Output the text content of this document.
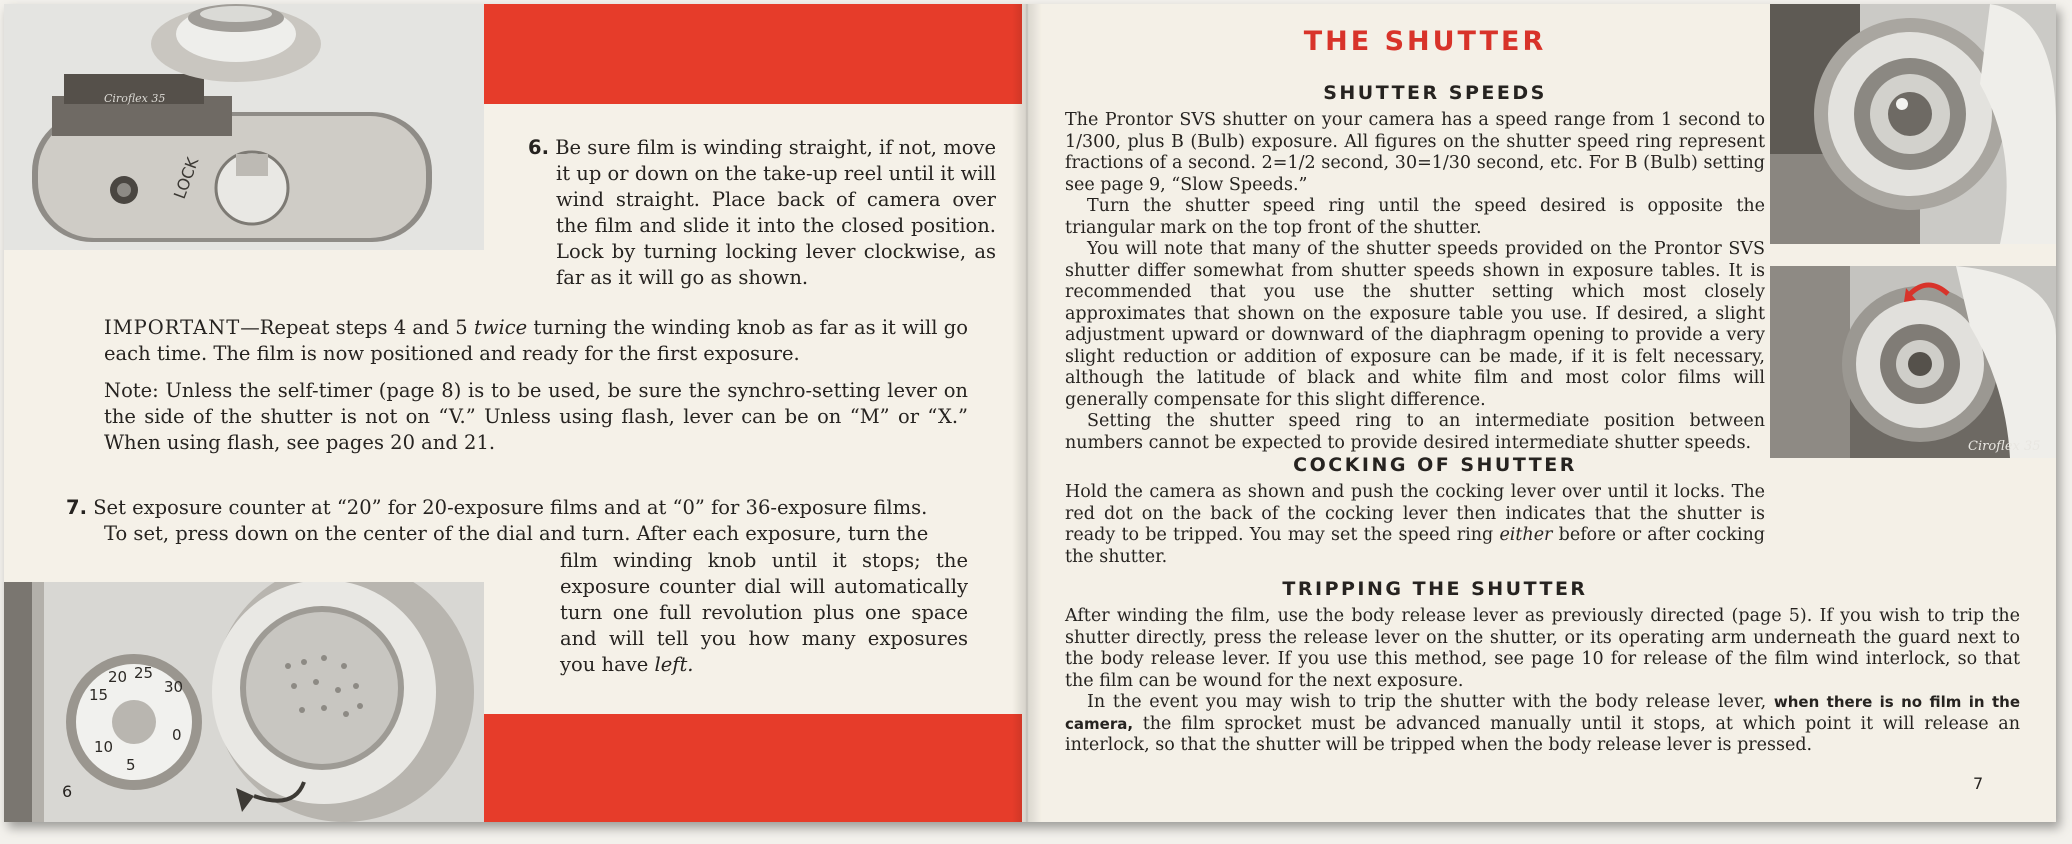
LOCK
Ciroflex 35
6. Be sure film is winding straight, if not, move it up or down on the take-up reel until it will wind straight. Place back of camera over the film and slide it into the closed position. Lock by turning locking lever clockwise, as far as it will go as shown.
IMPORTANT—Repeat steps 4 and 5 twice turning the winding knob as far as it will go each time. The film is now positioned and ready for the first exposure.
Note: Unless the self-timer (page 8) is to be used, be sure the synchro-setting lever on the side of the shutter is not on “V.” Unless using flash, lever can be on “M” or “X.” When using flash, see pages 20 and 21.
7. Set exposure counter at “20” for 20-exposure films and at “0” for 36-exposure films.
To set, press down on the center of the dial and turn. After each exposure, turn the
film winding knob until it stops; the exposure counter dial will automatically turn one full revolution plus one space and will tell you how many exposures you have left.
15
20 25
30
5
10
0
6
THE SHUTTER
SHUTTER SPEEDS

The Prontor SVS shutter on your camera has a speed range from 1 second to 1/300, plus B (Bulb) exposure. All figures on the shutter speed ring represent fractions of a second. 2=1/2 second, 30=1/30 second, etc. For B (Bulb) setting see page 9, “Slow Speeds.”

Turn the shutter speed ring until the speed desired is opposite the triangular mark on the top front of the shutter.

You will note that many of the shutter speeds provided on the Prontor SVS shutter differ somewhat from shutter speeds shown in exposure tables. It is recommended that you use the shutter setting which most closely approximates that shown on the exposure table you use. If desired, a slight adjustment upward or downward of the diaphragm opening to provide a very slight reduction or addition of exposure can be made, if it is felt necessary, although the latitude of black and white film and most color films will generally compensate for this slight difference.

Setting the shutter speed ring to an intermediate position between numbers cannot be expected to provide desired intermediate shutter speeds.

COCKING OF SHUTTER

Hold the camera as shown and push the cocking lever over until it locks. The red dot on the back of the cocking lever then indicates that the shutter is ready to be tripped. You may set the speed ring either before or after cocking the shutter.

TRIPPING THE SHUTTER

After winding the film, use the body release lever as previously directed (page 5). If you wish to trip the shutter directly, press the release lever on the shutter, or its operating arm underneath the guard next to the body release lever. If you use this method, see page 10 for release of the film wind interlock, so that the film can be wound for the next exposure.

In the event you may wish to trip the shutter with the body release lever, when there is no film in the camera, the film sprocket must be advanced manually until it stops, at which point it will release an interlock, so that the shutter will be tripped when the body release lever is pressed.

Ciroflex 35
7
